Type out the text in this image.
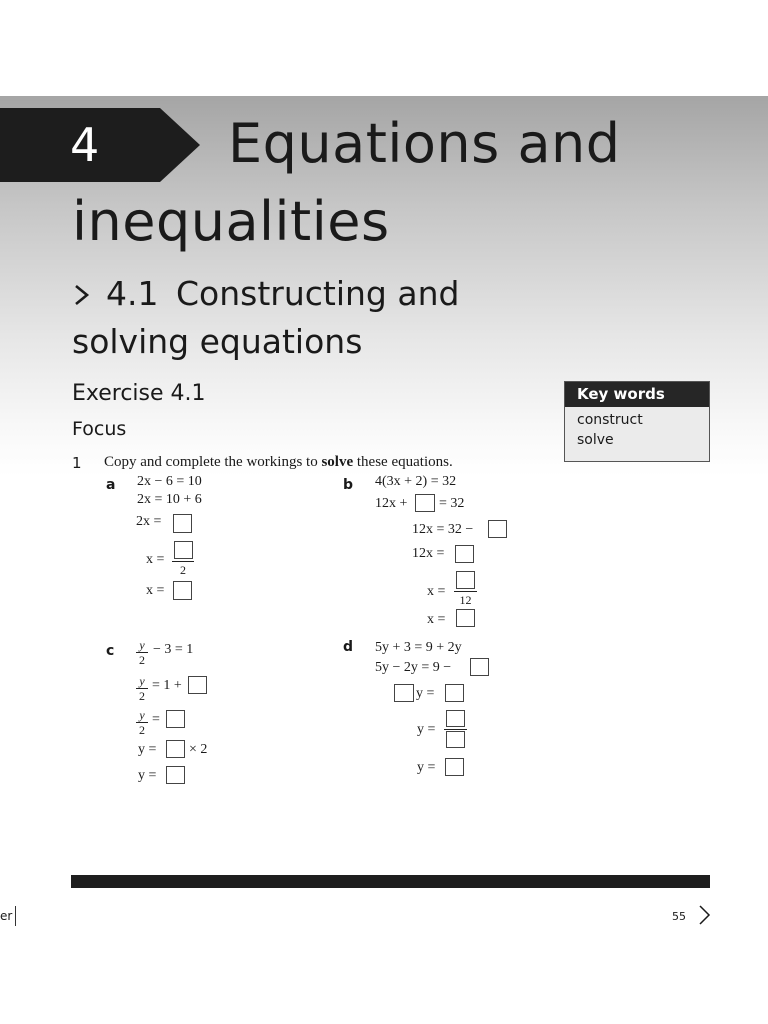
4 Equations and
inequalities
4.1 Constructing and
solving equations
Exercise 4.1
Focus
Key words
construct
solve
1 Copy and complete the workings to solve these equations.
a 2x − 6 = 10
2x = 10 + 6
2x =
x =
2
x =
b 4(3x + 2) = 32
12x + = 32
12x = 32 −
12x =
x =
12
x =
c	y
2
− 3 = 1
y
2
= 1 +
y
2
=
y = × 2
y =
d 5y + 3 = 9 + 2y
5y − 2y = 9 −
y =
y =
y =
er	55
